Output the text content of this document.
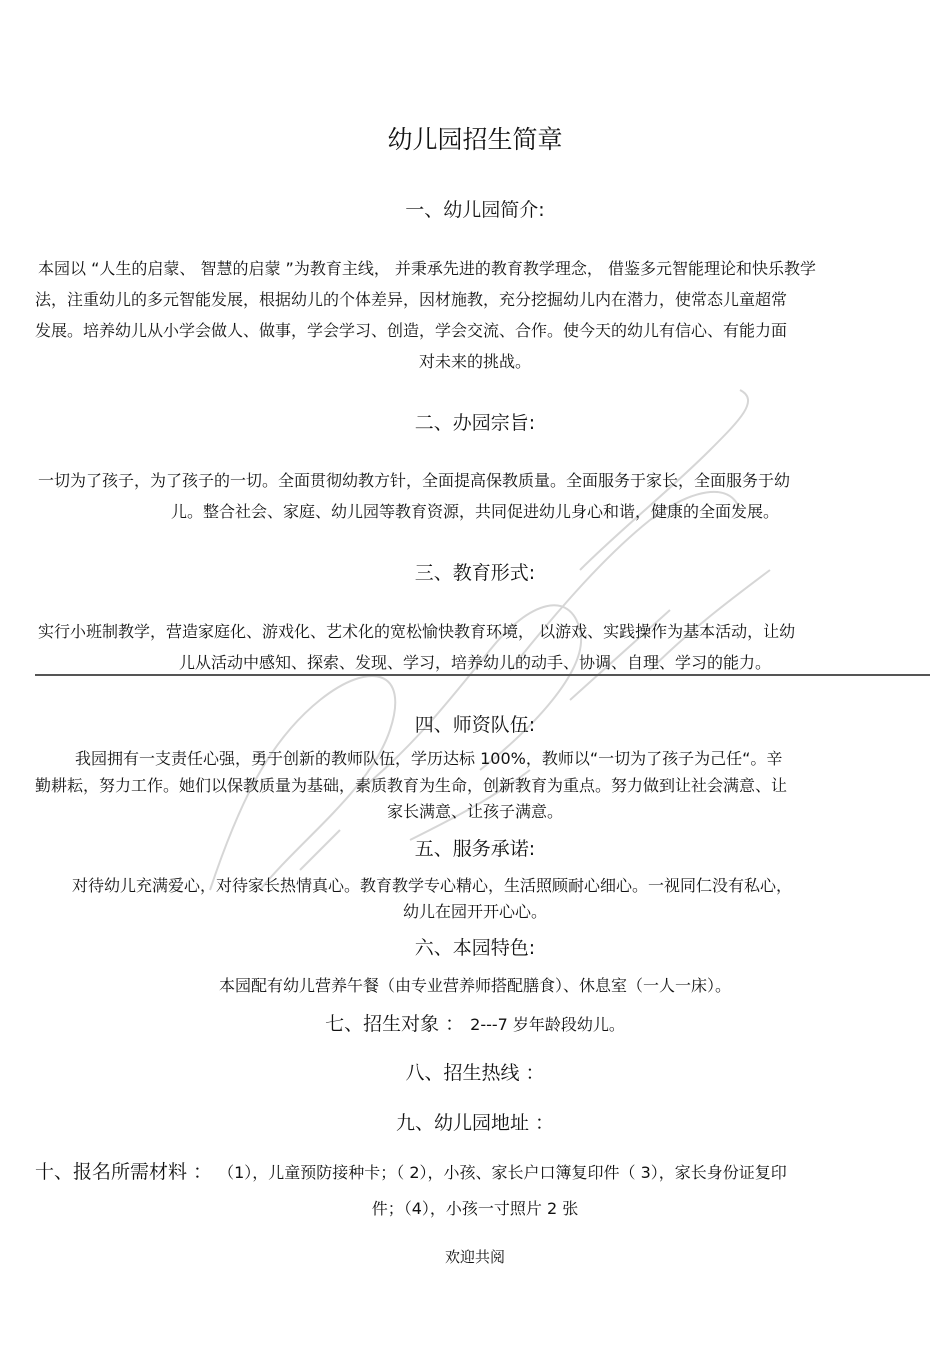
幼儿园招生简章
一、幼儿园简介:
本园以 “人生的启蒙、 智慧的启蒙 ”为教育主线， 并秉承先进的教育教学理念， 借鉴多元智能理论和快乐教学
法，注重幼儿的多元智能发展，根据幼儿的个体差异，因材施教，充分挖掘幼儿内在潜力，使常态儿童超常
发展。培养幼儿从小学会做人、做事，学会学习、创造，学会交流、合作。使今天的幼儿有信心、有能力面
对未来的挑战。
二、办园宗旨:
一切为了孩子，为了孩子的一切。全面贯彻幼教方针，全面提高保教质量。全面服务于家长，全面服务于幼
儿。整合社会、家庭、幼儿园等教育资源，共同促进幼儿身心和谐，健康的全面发展。
三、教育形式:
实行小班制教学，营造家庭化、游戏化、艺术化的宽松愉快教育环境， 以游戏、实践操作为基本活动，让幼
儿从活动中感知、探索、发现、学习，培养幼儿的动手、协调、自理、学习的能力。
四、师资队伍:
我园拥有一支责任心强，勇于创新的教师队伍，学历达标 100%，教师以“一切为了孩子为己任“。辛
勤耕耘，努力工作。她们以保教质量为基础，素质教育为生命，创新教育为重点。努力做到让社会满意、让
家长满意、让孩子满意。
五、服务承诺:
对待幼儿充满爱心，对待家长热情真心。教育教学专心精心，生活照顾耐心细心。一视同仁没有私心，
幼儿在园开开心心。
六、本园特色:
本园配有幼儿营养午餐（由专业营养师搭配膳食）、休息室（一人一床）。
七、招生对象 ： 2---7 岁年龄段幼儿。
八、招生热线 ：
九、幼儿园地址 ：
十、报名所需材料 ： （1），儿童预防接种卡；（ 2），小孩、家长户口簿复印件（ 3），家长身份证复印
件；（4），小孩一寸照片 2 张
欢迎共阅
